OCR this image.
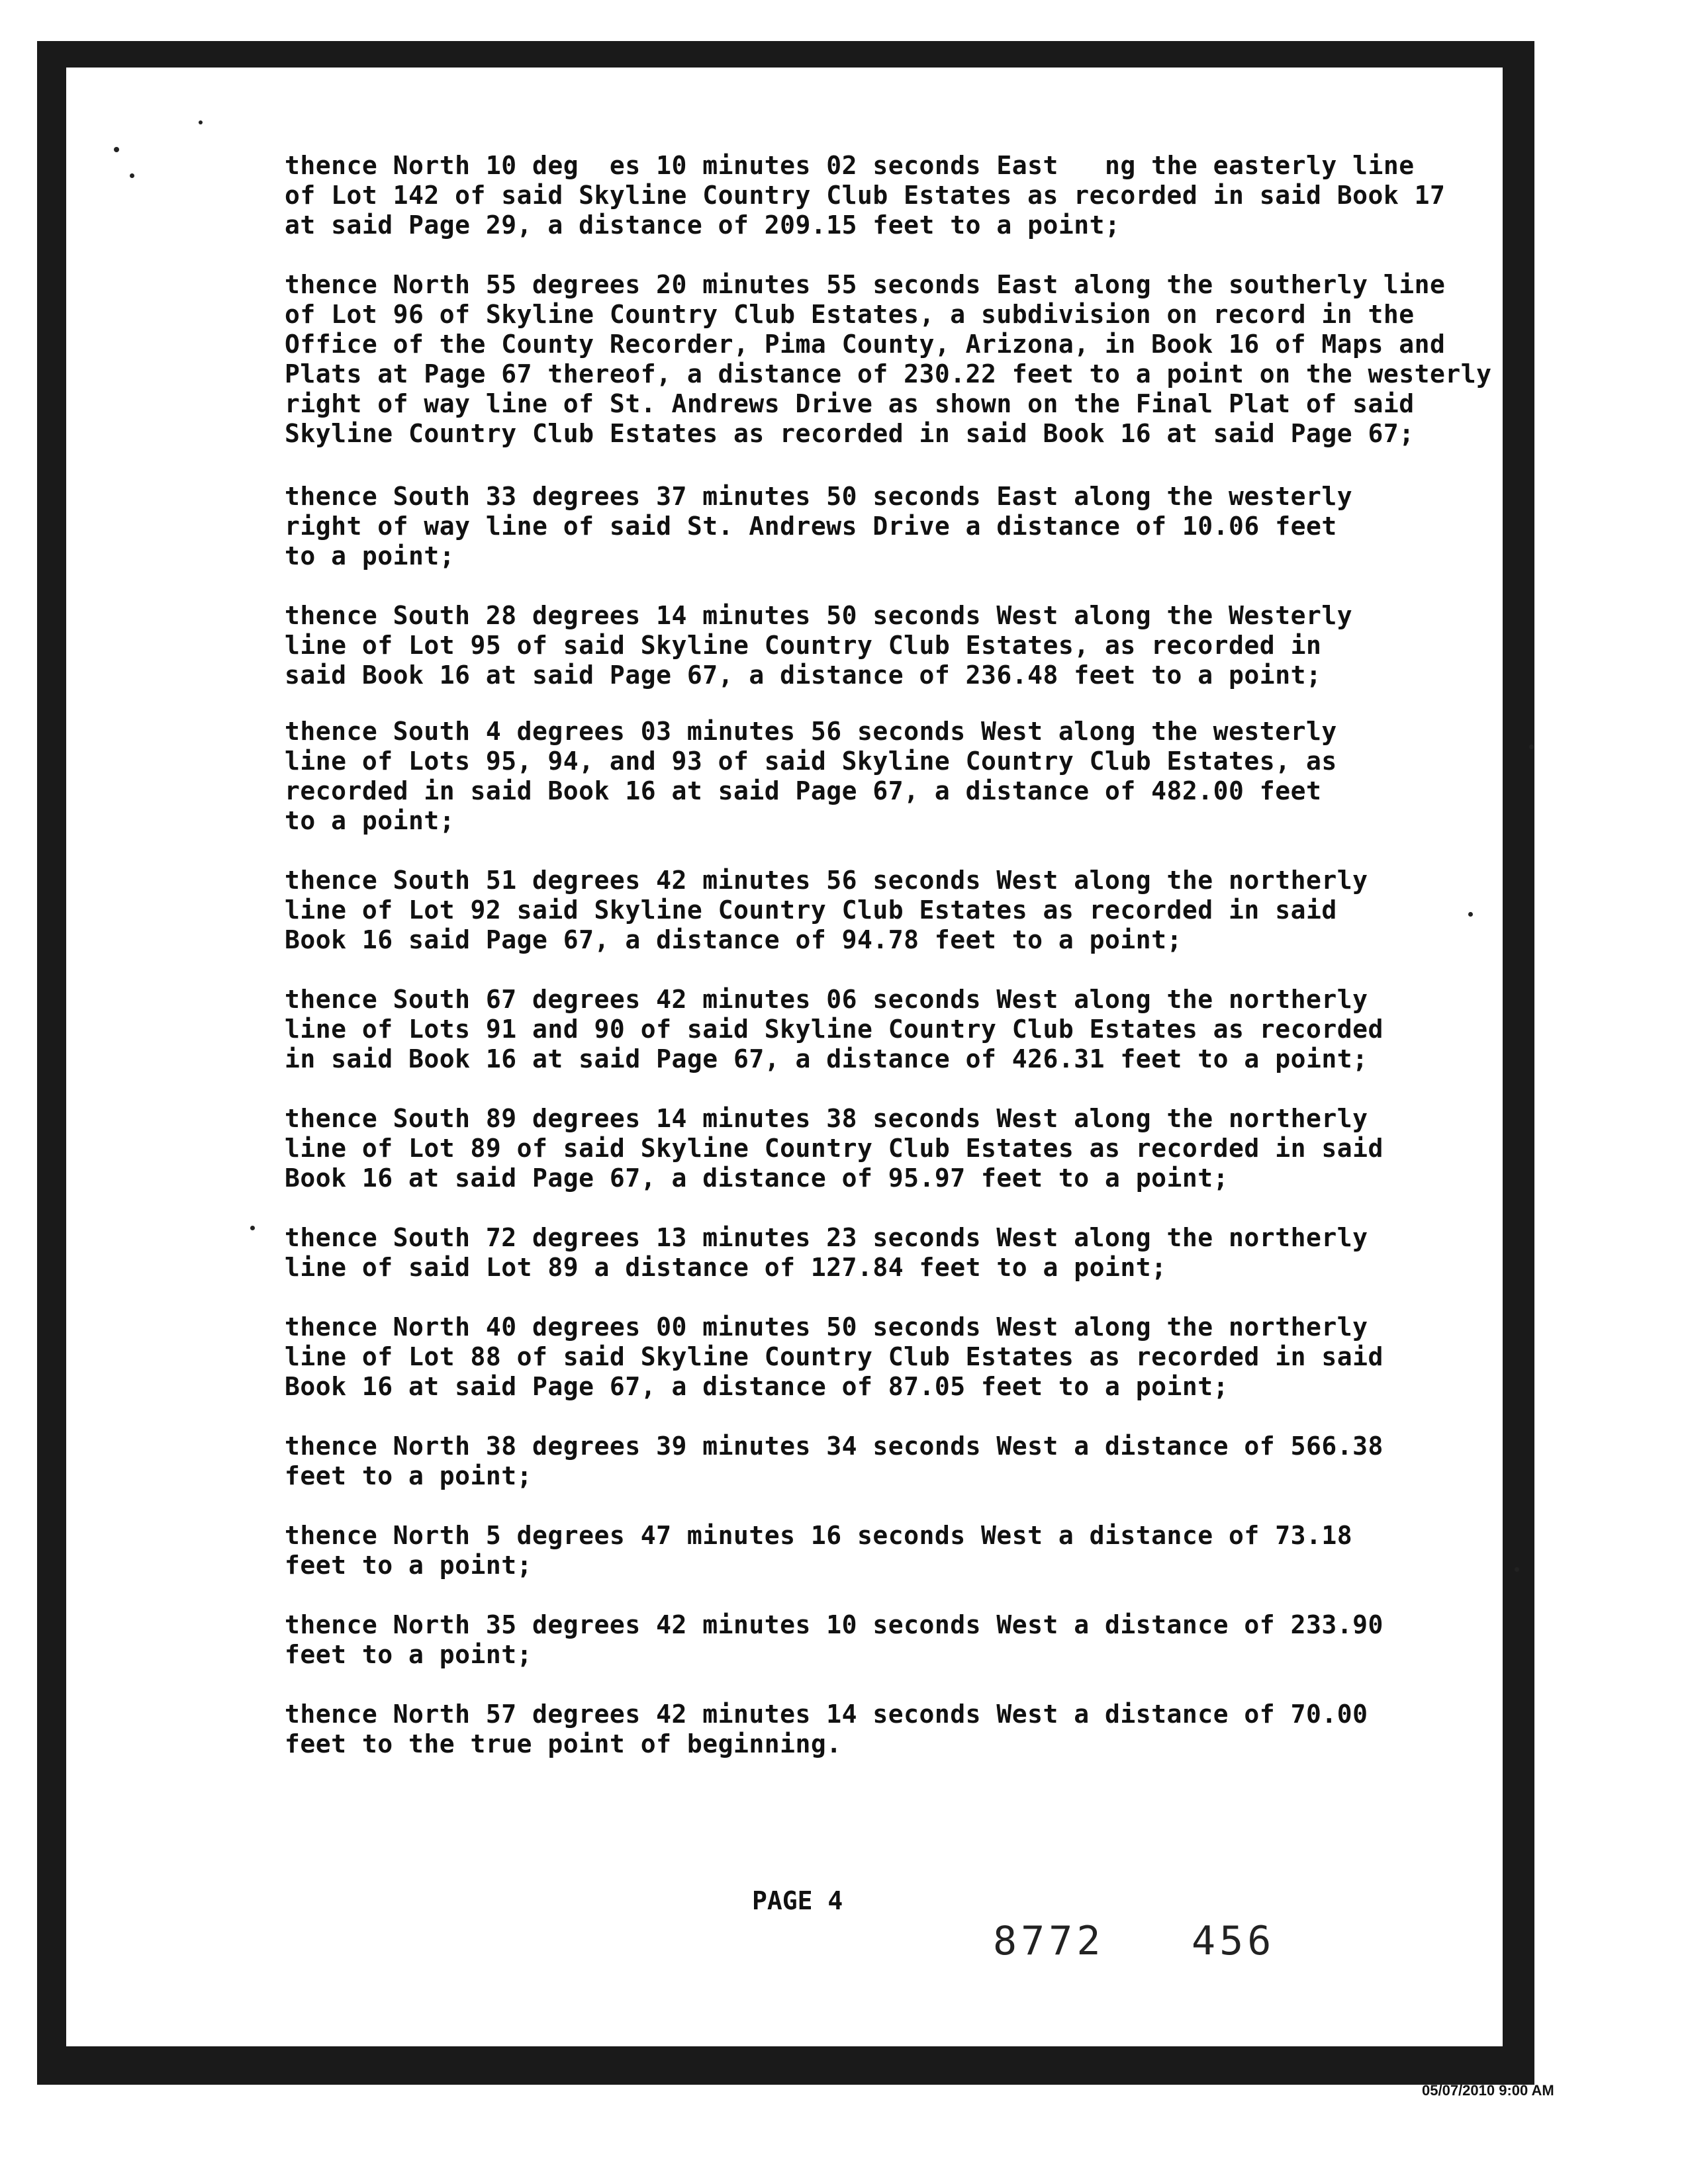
thence North 10 deg  es 10 minutes 02 seconds East   ng the easterly line
of Lot 142 of said Skyline Country Club Estates as recorded in said Book 17
at said Page 29, a distance of 209.15 feet to a point;

thence North 55 degrees 20 minutes 55 seconds East along the southerly line
of Lot 96 of Skyline Country Club Estates, a subdivision on record in the
Office of the County Recorder, Pima County, Arizona, in Book 16 of Maps and
Plats at Page 67 thereof, a distance of 230.22 feet to a point on the westerly
right of way line of St. Andrews Drive as shown on the Final Plat of said
Skyline Country Club Estates as recorded in said Book 16 at said Page 67;

thence South 33 degrees 37 minutes 50 seconds East along the westerly
right of way line of said St. Andrews Drive a distance of 10.06 feet
to a point;

thence South 28 degrees 14 minutes 50 seconds West along the Westerly
line of Lot 95 of said Skyline Country Club Estates, as recorded in
said Book 16 at said Page 67, a distance of 236.48 feet to a point;

thence South 4 degrees 03 minutes 56 seconds West along the westerly
line of Lots 95, 94, and 93 of said Skyline Country Club Estates, as
recorded in said Book 16 at said Page 67, a distance of 482.00 feet
to a point;

thence South 51 degrees 42 minutes 56 seconds West along the northerly
line of Lot 92 said Skyline Country Club Estates as recorded in said
Book 16 said Page 67, a distance of 94.78 feet to a point;

thence South 67 degrees 42 minutes 06 seconds West along the northerly
line of Lots 91 and 90 of said Skyline Country Club Estates as recorded
in said Book 16 at said Page 67, a distance of 426.31 feet to a point;

thence South 89 degrees 14 minutes 38 seconds West along the northerly
line of Lot 89 of said Skyline Country Club Estates as recorded in said
Book 16 at said Page 67, a distance of 95.97 feet to a point;

thence South 72 degrees 13 minutes 23 seconds West along the northerly
line of said Lot 89 a distance of 127.84 feet to a point;

thence North 40 degrees 00 minutes 50 seconds West along the northerly
line of Lot 88 of said Skyline Country Club Estates as recorded in said
Book 16 at said Page 67, a distance of 87.05 feet to a point;

thence North 38 degrees 39 minutes 34 seconds West a distance of 566.38
feet to a point;

thence North 5 degrees 47 minutes 16 seconds West a distance of 73.18
feet to a point;

thence North 35 degrees 42 minutes 10 seconds West a distance of 233.90
feet to a point;

thence North 57 degrees 42 minutes 14 seconds West a distance of 70.00
feet to the true point of beginning.

PAGE 4
8772 456
05/07/2010 9:00 AM
